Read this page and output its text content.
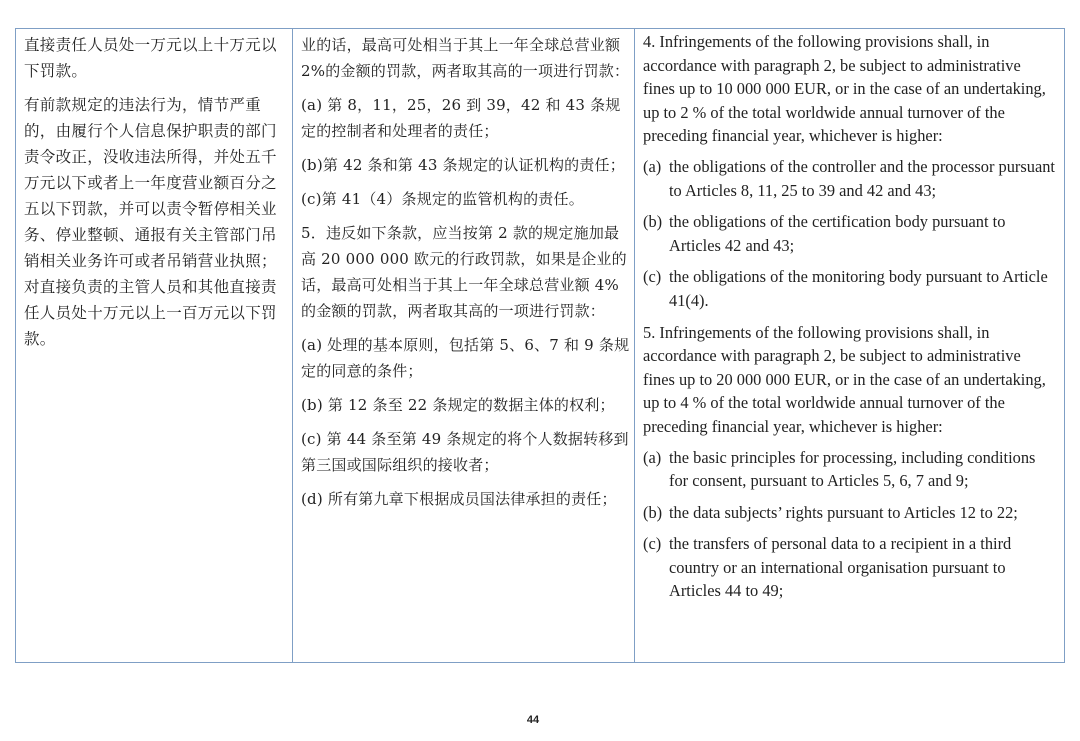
直接责任人员处一万元以上十万元以下罚款。

有前款规定的违法行为，情节严重的，由履行个人信息保护职责的部门责令改正，没收违法所得，并处五千万元以下或者上一年度营业额百分之五以下罚款，并可以责令暂停相关业务、停业整顿、通报有关主管部门吊销相关业务许可或者吊销营业执照；对直接负责的主管人员和其他直接责任人员处十万元以上一百万元以下罚款。

业的话，最高可处相当于其上一年全球总营业额 2%的金额的罚款，两者取其高的一项进行罚款：

(a) 第 8，11，25，26 到 39，42 和 43 条规定的控制者和处理者的责任；

(b)第 42 条和第 43 条规定的认证机构的责任；

(c)第 41（4）条规定的监管机构的责任。

5．违反如下条款，应当按第 2 款的规定施加最高 20 000 000 欧元的行政罚款，如果是企业的话，最高可处相当于其上一年全球总营业额 4%的金额的罚款，两者取其高的一项进行罚款：

(a) 处理的基本原则，包括第 5、6、7 和 9 条规定的同意的条件；

(b) 第 12 条至 22 条规定的数据主体的权利；

(c) 第 44 条至第 49 条规定的将个人数据转移到第三国或国际组织的接收者；

(d) 所有第九章下根据成员国法律承担的责任；

4. Infringements of the following provisions shall, in accordance with paragraph 2, be subject to administrative fines up to 10 000 000 EUR, or in the case of an undertaking, up to 2 % of the total worldwide annual turnover of the preceding financial year, whichever is higher:

(a) the obligations of the controller and the processor pursuant to Articles 8, 11, 25 to 39 and 42 and 43;
(b) the obligations of the certification body pursuant to Articles 42 and 43;
(c) the obligations of the monitoring body pursuant to Article 41(4).

5. Infringements of the following provisions shall, in accordance with paragraph 2, be subject to administrative fines up to 20 000 000 EUR, or in the case of an undertaking, up to 4 % of the total worldwide annual turnover of the preceding financial year, whichever is higher:

(a) the basic principles for processing, including conditions for consent, pursuant to Articles 5, 6, 7 and 9;
(b) the data subjects’ rights pursuant to Articles 12 to 22;
(c) the transfers of personal data to a recipient in a third country or an international organisation pursuant to Articles 44 to 49;
44
